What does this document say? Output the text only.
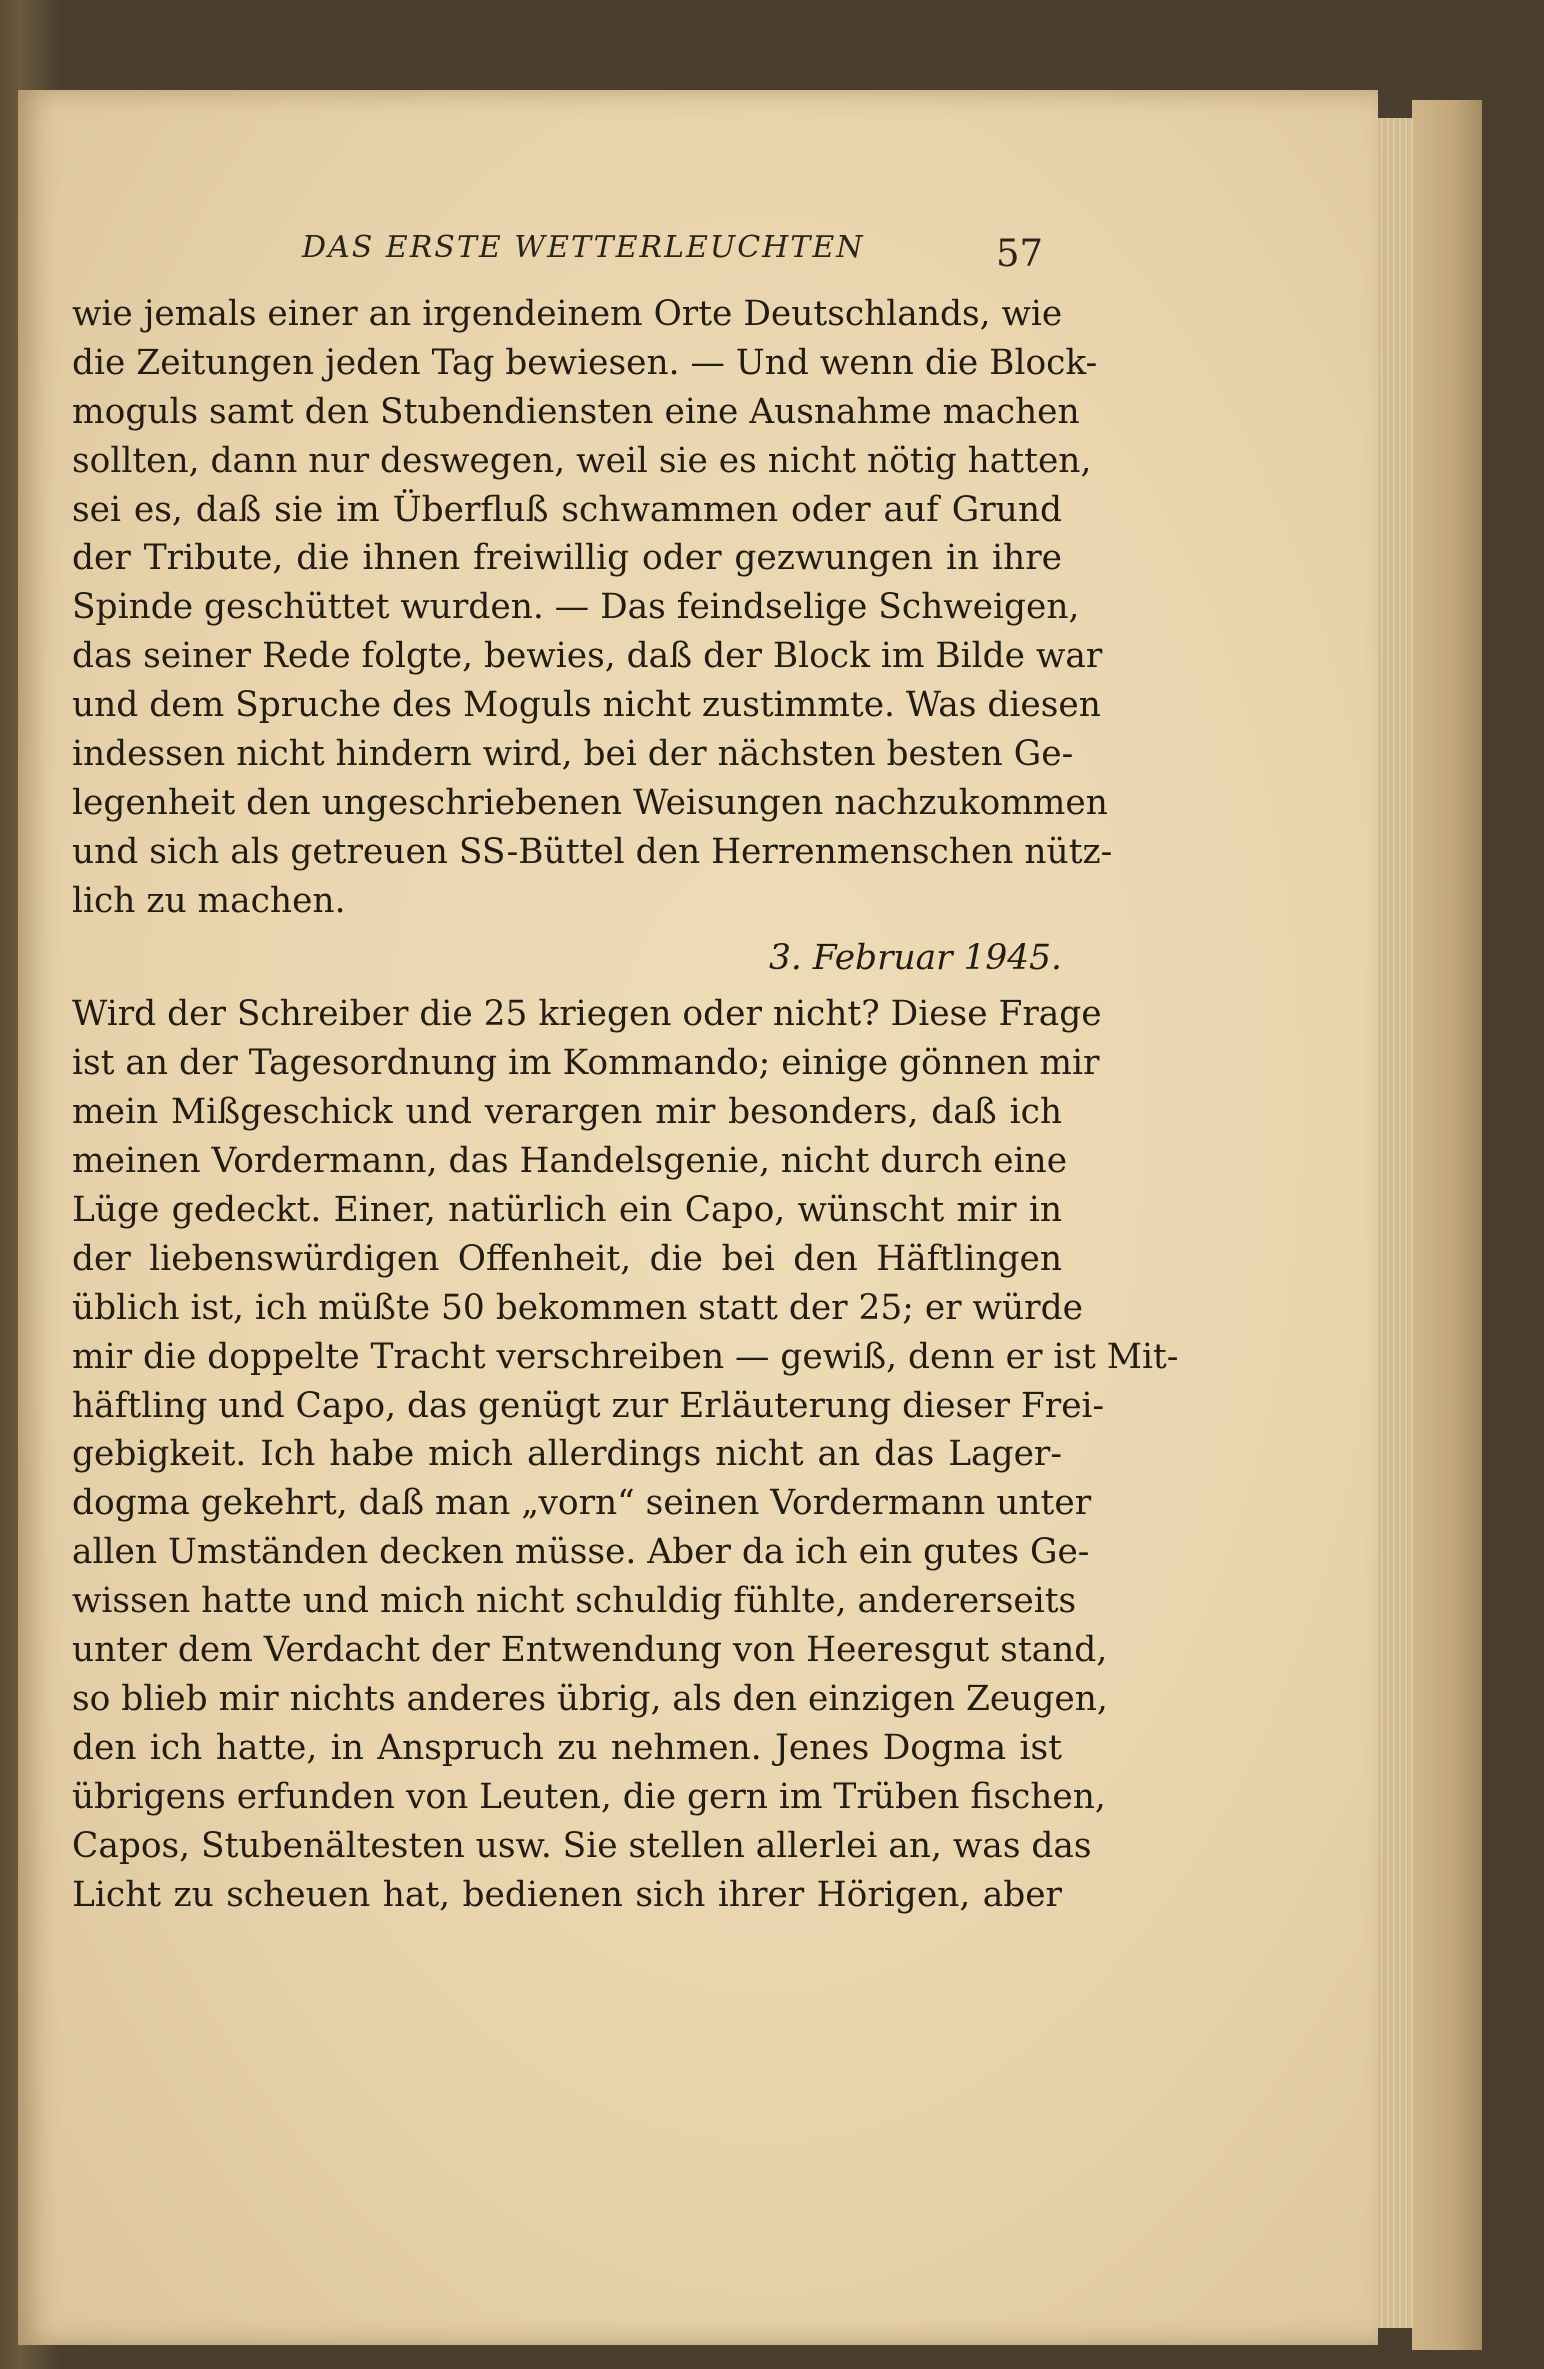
DAS ERSTE WETTERLEUCHTEN	57
wie jemals einer an irgendeinem Orte Deutschlands, wie
die Zeitungen jeden Tag bewiesen. — Und wenn die Block-
moguls samt den Stubendiensten eine Ausnahme machen
sollten, dann nur deswegen, weil sie es nicht nötig hatten,
sei es, daß sie im Überfluß schwammen oder auf Grund
der Tribute, die ihnen freiwillig oder gezwungen in ihre
Spinde geschüttet wurden. — Das feindselige Schweigen,
das seiner Rede folgte, bewies, daß der Block im Bilde war
und dem Spruche des Moguls nicht zustimmte. Was diesen
indessen nicht hindern wird, bei der nächsten besten Ge-
legenheit den ungeschriebenen Weisungen nachzukommen
und sich als getreuen SS-Büttel den Herrenmenschen nütz-
lich zu machen.
3. Februar 1945.
Wird der Schreiber die 25 kriegen oder nicht? Diese Frage
ist an der Tagesordnung im Kommando; einige gönnen mir
mein Mißgeschick und verargen mir besonders, daß ich
meinen Vordermann, das Handelsgenie, nicht durch eine
Lüge gedeckt. Einer, natürlich ein Capo, wünscht mir in
der liebenswürdigen Offenheit, die bei den Häftlingen
üblich ist, ich müßte 50 bekommen statt der 25; er würde
mir die doppelte Tracht verschreiben — gewiß, denn er ist Mit-
häftling und Capo, das genügt zur Erläuterung dieser Frei-
gebigkeit. Ich habe mich allerdings nicht an das Lager-
dogma gekehrt, daß man „vorn“ seinen Vordermann unter
allen Umständen decken müsse. Aber da ich ein gutes Ge-
wissen hatte und mich nicht schuldig fühlte, andererseits
unter dem Verdacht der Entwendung von Heeresgut stand,
so blieb mir nichts anderes übrig, als den einzigen Zeugen,
den ich hatte, in Anspruch zu nehmen. Jenes Dogma ist
übrigens erfunden von Leuten, die gern im Trüben fischen,
Capos, Stubenältesten usw. Sie stellen allerlei an, was das
Licht zu scheuen hat, bedienen sich ihrer Hörigen, aber
